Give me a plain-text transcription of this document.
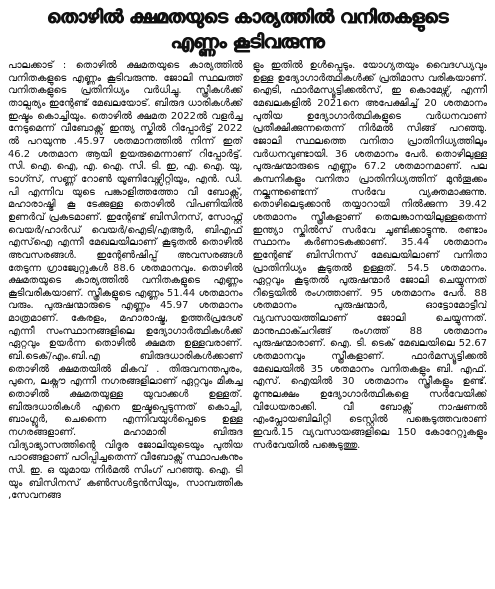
തൊഴിൽ ക്ഷമതയുടെ കാര്യത്തിൽ വനിതകളുടെ
എണ്ണം കൂടിവരുന്നു

പാലക്കാട് : തൊഴിൽ ക്ഷമതയുടെ കാര്യത്തിൽ വനിതകളുടെ എണ്ണം കൂടിവരുന്നു. ജോലി സ്ഥലത്ത് വനിതകളുടെ പ്രതിനിധ്യം വർധിച്ചു. സ്ത്രീകൾക്ക് താല്പര്യം ഇന്റേണ്ട് മേഖലയോട്. ബിരുദ ധാരികൾക്ക് ഇഷ്ടം കൊച്ചിയും. തൊഴിൽ ക്ഷമത 2022ൽ വളർച്ച നേടുമെന്ന് വീബോക്സ് ഇന്ത്യ സ്കിൽ റിപ്പോർട്ട് 2022 ൽ പറയുന്നു .45.97 ശതമാനത്തിൽ നിന്ന് ഇത് 46.2 ശതമാന ആയി ഉയരുമെന്നാണ് റിപ്പോർട്ട്. സി. ഐ. ഐ, എ. ഐ. സി. ടി. ഇ, എ. ഐ. യു, ടാഗ്സ്, സണ്ണ് റോൺ യൂണിവേഴ്സിറ്റിയും, എൻ. ഡി. പി എന്നിവ യുടെ പങ്കാളിത്തത്തോ വി ബോക്സ്, മഹാരാഷ്ട്രി കൂ ടേക്കുള്ള തൊഴിൽ വിപണിയിൽ ഉണർവ് പ്രകടമാണ്. ഇന്റേണ്ട് ബിസിനസ്, സോഫ്റ്റ് വെയർ/ഹാർഡ് വെയർ/ഐടി/എആർ, ബിഎഫ് എസ്ഐ എന്നീ മേഖലയിലാണ് കൂടുതൽ തൊഴിൽ അവസരങ്ങൾ. ഇന്റേൺഷിപ്പ് അവസരങ്ങൾ തേടുന്ന ഗ്രാജ്വേറ്റുകൾ 88.6 ശതമാനവും. തൊഴിൽ ക്ഷമതയുടെ കാര്യത്തിൽ വനിതകളുടെ എണ്ണം കൂടിവരികയാണ്. സ്ത്രീകളുടെ എണ്ണം 51.44 ശതമാനം വരും. പുരുഷന്മാരുടെ എണ്ണം 45.97 ശതമാനം മാത്രമാണ്. കേരളം, മഹാരാഷ്ട്ര, ഉത്തർപ്രദേശ് എന്നീ സംസ്ഥാനങ്ങളിലെ ഉദ്യോഗാർത്ഥികൾക്ക് ഏറ്റവും ഉയർന്ന തൊഴിൽ ക്ഷമത ഉള്ളവരാണ്. ബി.ടെക്/എം.ബി.എ ബിരുദധാരികൾക്കാണ് തൊഴിൽ ക്ഷമതയിൽ മികവ് . തിരുവനന്തപുരം, പുനെ, ലക്നൗ എന്നീ നഗരങ്ങളിലാണ് ഏറ്റവും മികച്ച തൊഴിൽ ക്ഷമതയുള്ള യുവാക്കൾ ഉള്ളത്. ബിരുദധാരികൾ എനെ ഇഷ്ടപ്പെടുന്നത് കൊച്ചി, ബാംഗ്ലൂർ, ചെന്നൈ എന്നിവയുൾപ്പെടെ ഉള്ള നഗരങ്ങളാണ്. മഹാമാരി ബിരുദ വിദ്യാഭ്യാസത്തിന്റെ വിദൂര ജോലിയുടെയും പുതിയ പാഠങ്ങളാണ് പഠിപ്പിച്ചതെന്ന് വീബോക്സ് സ്ഥാപകനും സി. ഇ. ഒ യുമായ നിർമൽ സിംഗ് പറഞ്ഞു. ഐ. ടി യും ബിസിനസ് കൺസൾട്ടൻസിയും, സാമ്പത്തിക ,സേവനങ്ങ

ളും ഇതിൽ ഉൾപ്പെടും. യോഗ്യതയും വൈദഗ്ധ്യവും ഉള്ള ഉദ്യോഗാർത്ഥികൾക്ക് പ്രതിമാസ വരികയാണ്. ഐടി, ഫാർമസ്യൂട്ടിക്കൽസ്, ഇ കൊമേഴ്സ്, എന്നീ മേഖലകളിൽ 2021നെ അപേക്ഷിച്ച് 20 ശതമാനം പുതിയ ഉദ്യോഗാർത്ഥികളുടെ വർധനവാണ് പ്രതീക്ഷിക്കുന്നതെന്ന് നിർമൽ സിങ്ങ് പറഞ്ഞു. ജോലി സ്ഥലത്തെ വനിതാ പ്രാതിനിധ്യത്തിലും വർധനവുണ്ടായി. 36 ശതമാനം പേർ. തൊഴിലുള്ള പുരുഷന്മാരുടെ എണ്ണം 67.2 ശതമാനമാണ്. പല കമ്പനികളും വനിതാ പ്രാതിനിധ്യത്തിന് മുൻതൂക്കം നല്കുന്നുണ്ടെന്ന് സർവേ വ്യക്തമാക്കുന്നു. തൊഴിലെടുക്കാൻ തയ്യാറായി നിൽക്കുന്ന 39.42 ശതമാനം സ്ത്രീകളാണ് തെലങ്കാനയിലുള്ളതെന്ന് ഇന്ത്യാ സ്കിൽസ് സർവേ ചൂണ്ടിക്കാട്ടുന്നു. രണ്ടാം സ്ഥാനം കർണാടകക്കാണ്. 35.44 ശതമാനം ഇന്റേണ്ട് ബിസിനസ് മേഖലയിലാണ് വനിതാ പ്രാതിനിധ്യം കൂടുതൽ ഉള്ളത്. 54.5 ശതമാനം. ഏറ്റവും കൂടുതൽ പുരുഷന്മാർ ജോലി ചെയ്യുന്നത് റീട്ടെയിൽ രംഗത്താണ്. 95 ശതമാനം പേർ. 88 ശതമാനം പുരുഷന്മാർ, ഓട്ടോമോട്ടീവ് വ്യവസായത്തിലാണ് ജോലി ചെയ്യുന്നത്. മാനുഫാക്ചറിങ്ങ് രംഗത്ത് 88 ശതമാനം പുരുഷന്മാരാണ്. ഐ. ടി. ടെക് മേഖലയിലെ 52.67 ശതമാനവും സ്ത്രീകളാണ്. ഫാർമസ്യൂട്ടിക്കൽ മേഖലയിൽ 35 ശതമാനം വനിതകളും ബി. എഫ്. എസ്. ഐയിൽ 30 ശതമാനം സ്ത്രീകളും ഉണ്ട്. മൂന്നുലക്ഷം ഉദ്യോഗാർത്ഥികളെ സർവേയിക്ക് വിധേയരാക്കി. വീ ബോക്സ് നാഷണൽ എംപ്ലോയബിലിറ്റി ടെസ്റ്റിൽ പങ്കെടുത്തവരാണ് ഇവർ.15 വ്യവസായങ്ങളിലെ 150 കോറേറ്റുകളും സർവേയിൽ പങ്കെടുത്തു.
